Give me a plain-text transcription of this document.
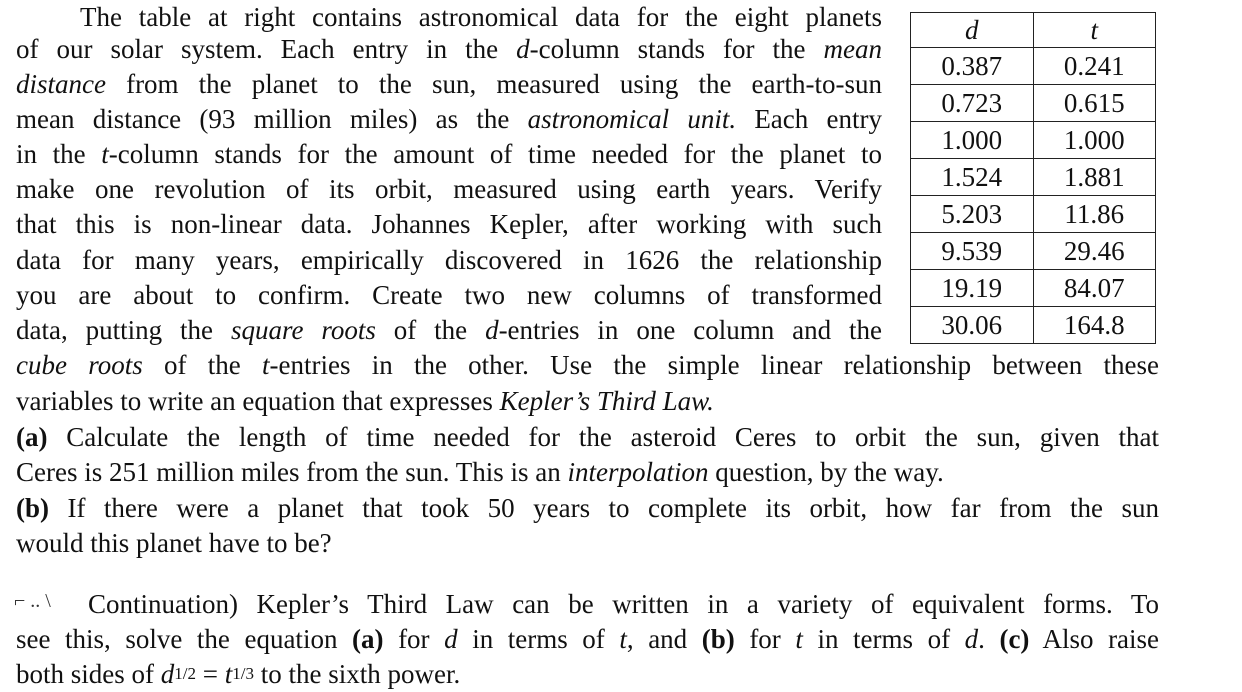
The table at right contains astronomical data for the eight planets
of our solar system. Each entry in the d-column stands for the mean
distance from the planet to the sun, measured using the earth-to-sun
mean distance (93 million miles) as the astronomical unit. Each entry
in the t-column stands for the amount of time needed for the planet to
make one revolution of its orbit, measured using earth years. Verify
that this is non-linear data. Johannes Kepler, after working with such
data for many years, empirically discovered in 1626 the relationship
you are about to confirm. Create two new columns of transformed
data, putting the square roots of the d-entries in one column and the
cube roots of the t-entries in the other. Use the simple linear relationship between these
variables to write an equation that expresses Kepler’s Third Law.
(a) Calculate the length of time needed for the asteroid Ceres to orbit the sun, given that
Ceres is 251 million miles from the sun. This is an interpolation question, by the way.
(b) If there were a planet that took 50 years to complete its orbit, how far from the sun
would this planet have to be?
⌐ .. \ Continuation) Kepler’s Third Law can be written in a variety of equivalent forms. To
see this, solve the equation (a) for d in terms of t, and (b) for t in terms of d. (c) Also raise
both sides of $d^{1/2} = t^{1/3}$ to the sixth power.
d	t
0.387	0.241
0.723	0.615
1.000	1.000
1.524	1.881
5.203	11.86
9.539	29.46
19.19	84.07
30.06	164.8
